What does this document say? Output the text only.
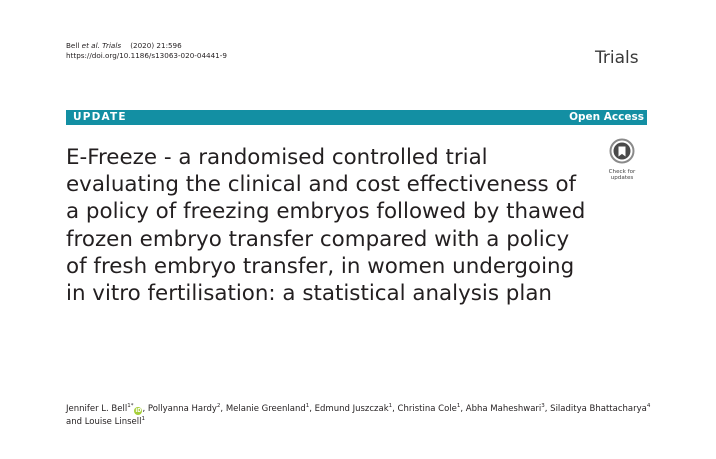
Bell et al. Trials (2020) 21:596
https://doi.org/10.1186/s13063-020-04441-9	Trials
UPDATE	Open Access
E-Freeze - a randomised controlled trial evaluating the clinical and cost effectiveness of a policy of freezing embryos followed by thawed frozen embryo transfer compared with a policy of fresh embryo transfer, in women undergoing in vitro fertilisation: a statistical analysis plan
Check for
updates
Jennifer L. Bell$^{1*}$iD, Pollyanna Hardy$^2$, Melanie Greenland$^1$, Edmund Juszczak$^1$, Christina Cole$^1$, Abha Maheshwari$^3$, Siladitya Bhattacharya$^4$ and Louise Linsell$^1$
